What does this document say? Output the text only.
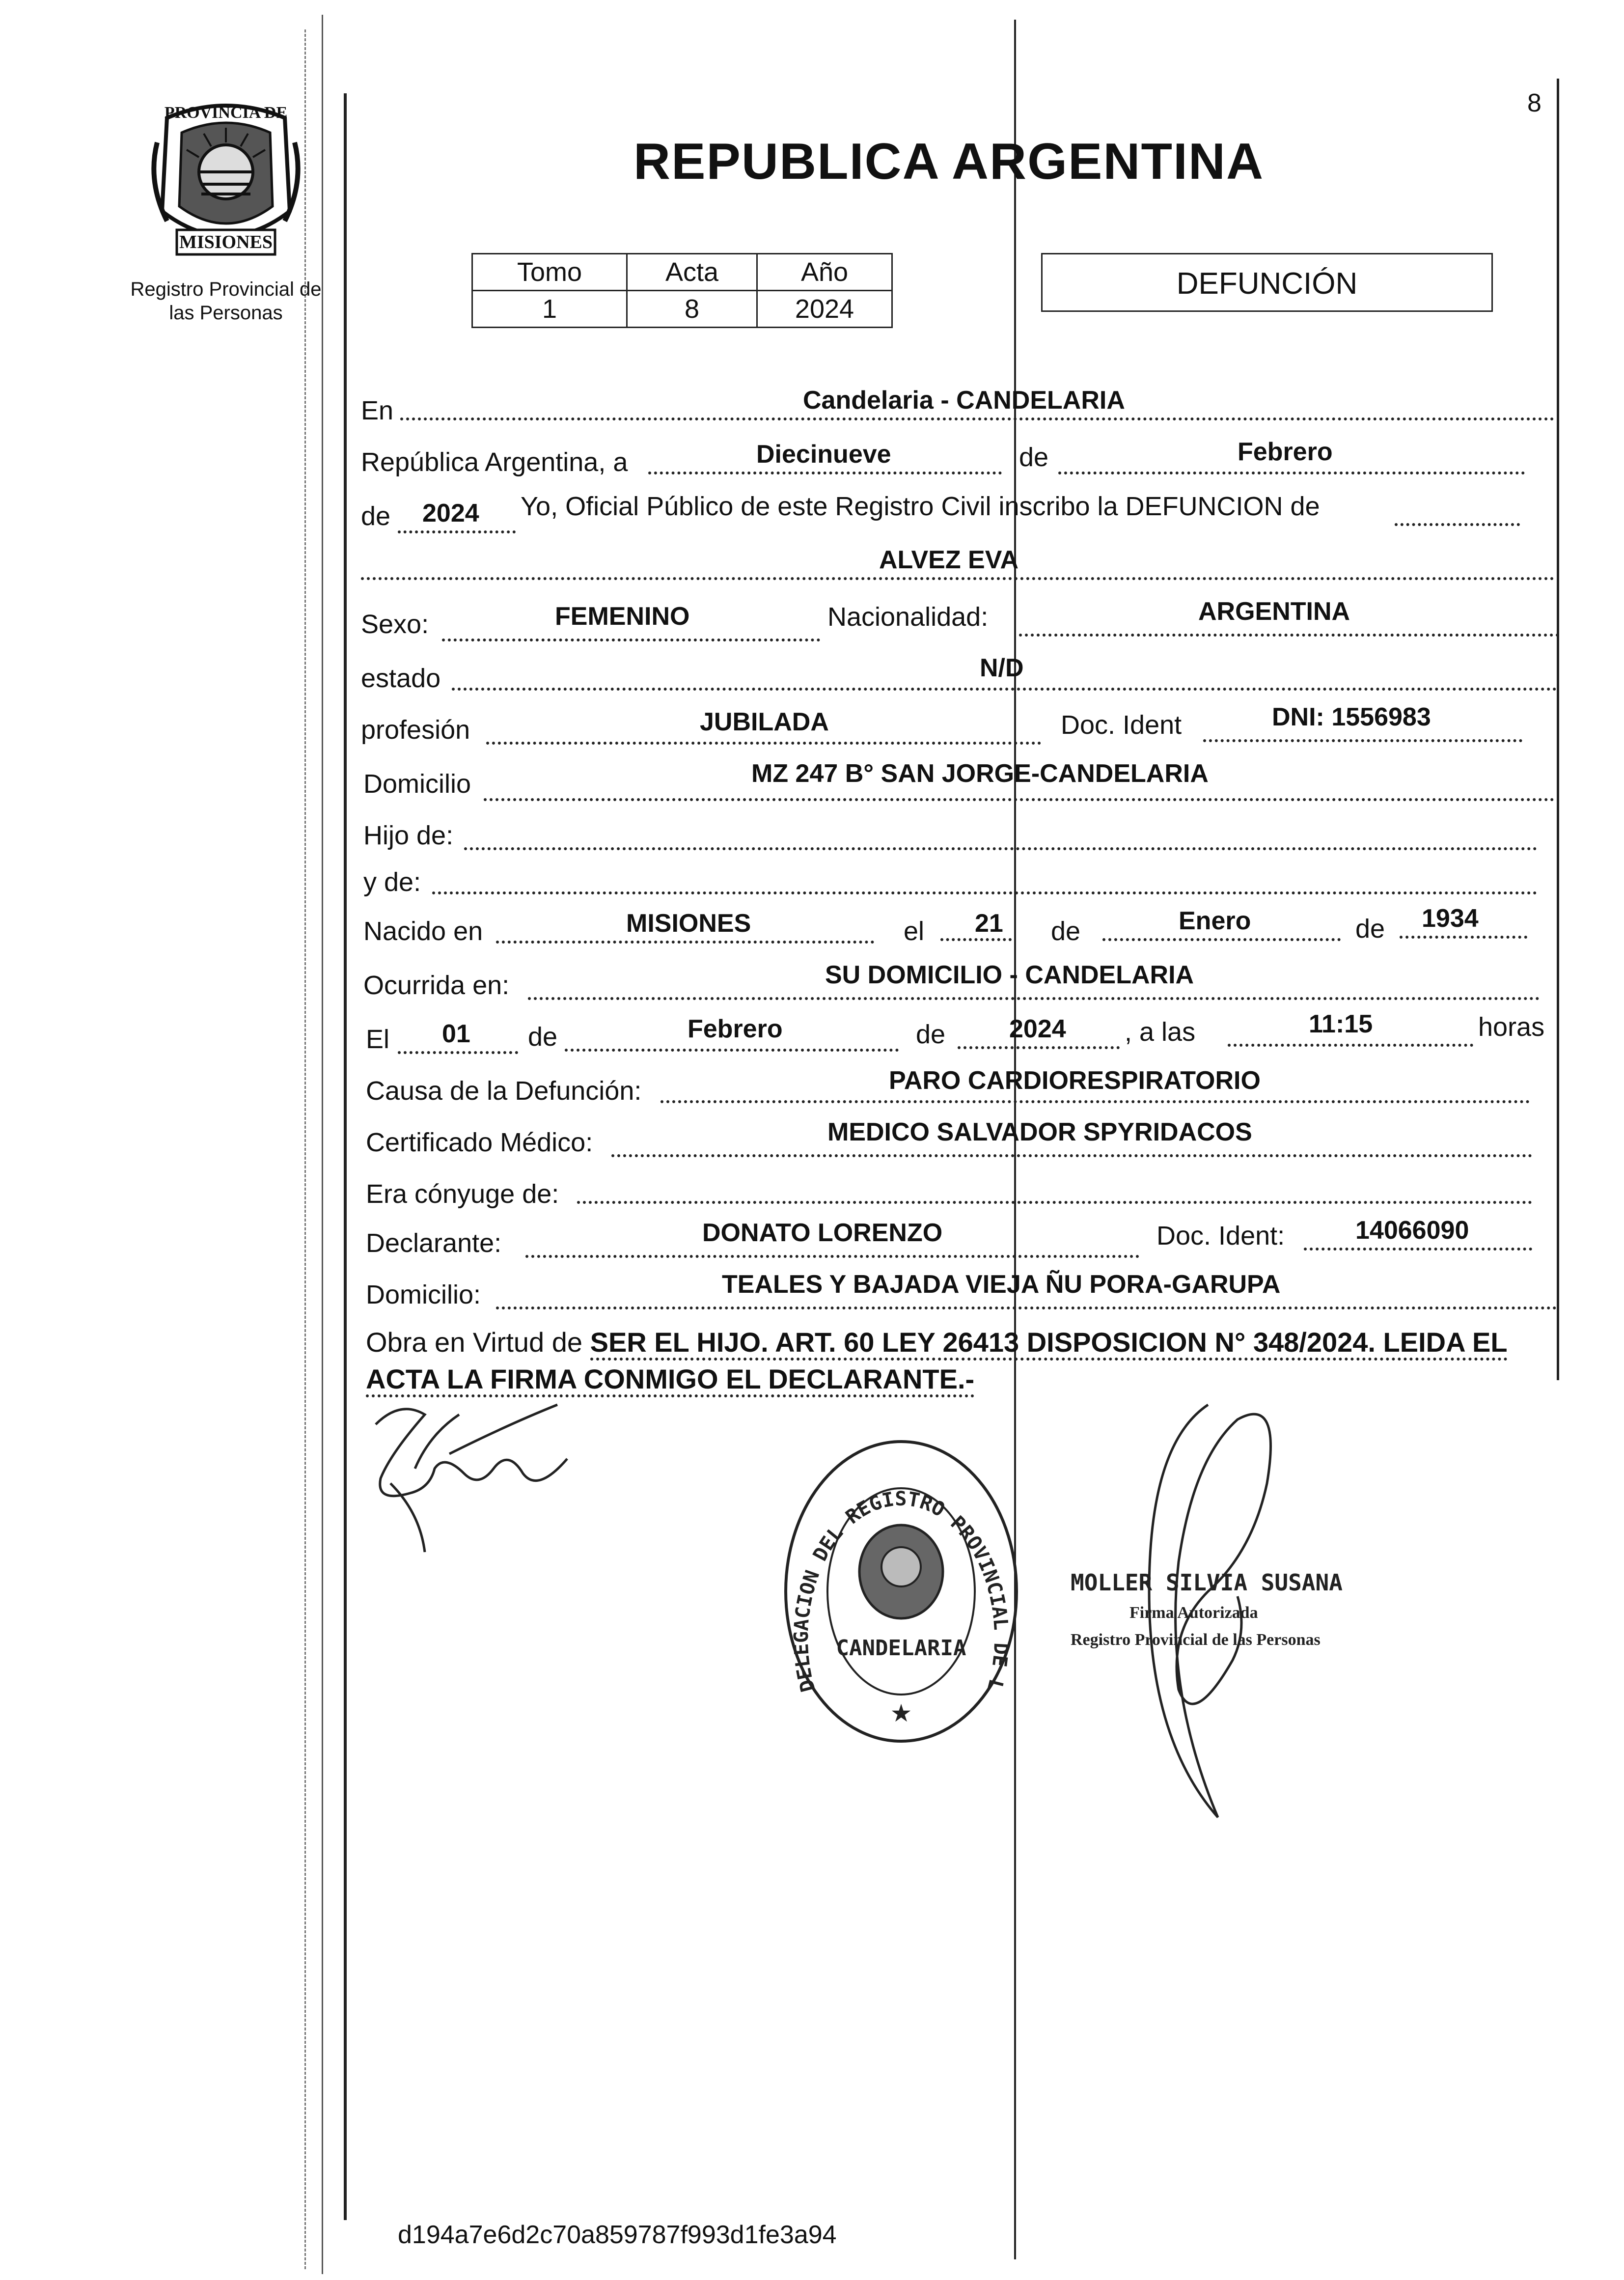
PROVINCIA DE
MISIONES
Registro Provincial de las Personas
8
REPUBLICA ARGENTINA
Tomo	Acta	Año
1	8	2024
DEFUNCIÓN
En	Candelaria - CANDELARIA
República Argentina, a	Diecinueve	de	Febrero
de 2024 Yo, Oficial Público de este Registro Civil inscribo la DEFUNCION de
ALVEZ EVA
Sexo:	FEMENINO	Nacionalidad:	ARGENTINA
estado	N/D
profesión	JUBILADA	Doc. Ident	DNI: 1556983
Domicilio	MZ 247 B° SAN JORGE-CANDELARIA
Hijo de:
y de:
Nacido en	MISIONES	el 21 de	Enero	de 1934
Ocurrida en:	SU DOMICILIO - CANDELARIA
El 01 de	Febrero	de 2024 , a las	11:15	horas
Causa de la Defunción:	PARO CARDIORESPIRATORIO
Certificado Médico:	MEDICO SALVADOR SPYRIDACOS
Era cónyuge de:
Declarante:	DONATO LORENZO	Doc. Ident:	14066090
Domicilio:	TEALES Y BAJADA VIEJA ÑU PORA-GARUPA
Obra en Virtud de SER EL HIJO. ART. 60 LEY 26413 DISPOSICION N° 348/2024. LEIDA EL
ACTA LA FIRMA CONMIGO EL DECLARANTE.-
DELEGACION DEL REGISTRO PROVINCIAL DE L
CANDELARIA
★
MOLLER SILVIA SUSANA
Firma Autorizada
Registro Provincial de las Personas
d194a7e6d2c70a859787f993d1fe3a94
